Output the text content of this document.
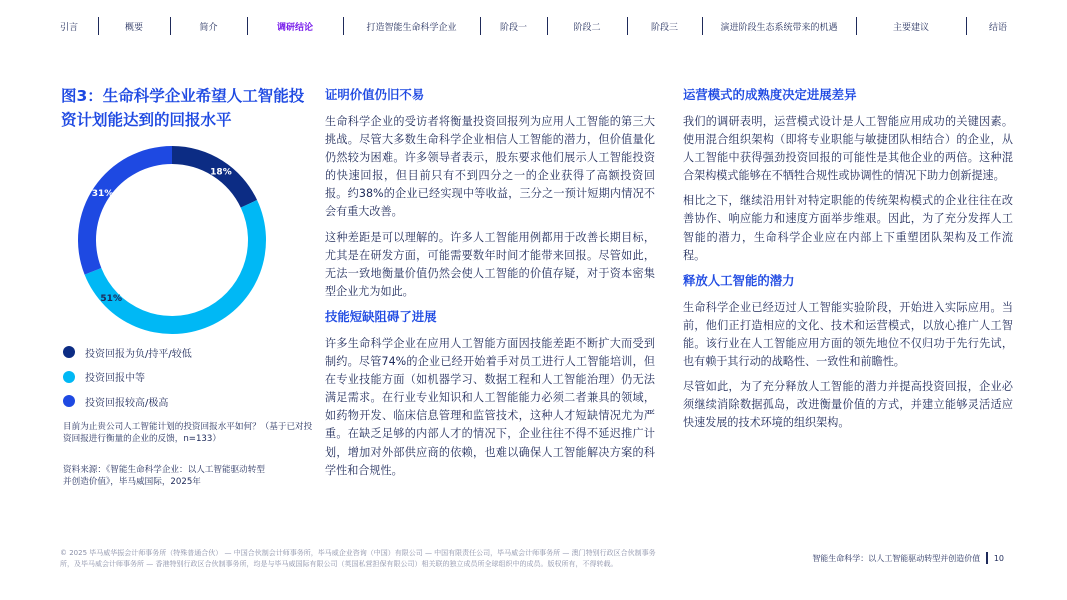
引言	概要	简介	调研结论	打造智能生命科学企业	阶段一	阶段二	阶段三	演进阶段生态系统带来的机遇	主要建议	结语
图3：生命科学企业希望人工智能投资计划能达到的回报水平
18%
51%
31%
投资回报为负/持平/较低
投资回报中等
投资回报较高/极高
目前为止贵公司人工智能计划的投资回报水平如何？（基于已对投资回报进行衡量的企业的反馈，n=133）
资料来源：《智能生命科学企业：以人工智能驱动转型并创造价值》，毕马威国际，2025年
证明价值仍旧不易

生命科学企业的受访者将衡量投资回报列为应用人工智能的第三大挑战。尽管大多数生命科学企业相信人工智能的潜力，但价值量化仍然较为困难。许多领导者表示，股东要求他们展示人工智能投资的快速回报，但目前只有不到四分之一的企业获得了高额投资回报。约38%的企业已经实现中等收益，三分之一预计短期内情况不会有重大改善。

这种差距是可以理解的。许多人工智能用例都用于改善长期目标，尤其是在研发方面，可能需要数年时间才能带来回报。尽管如此，无法一致地衡量价值仍然会使人工智能的价值存疑，对于资本密集型企业尤为如此。

技能短缺阻碍了进展

许多生命科学企业在应用人工智能方面因技能差距不断扩大而受到制约。尽管74%的企业已经开始着手对员工进行人工智能培训，但在专业技能方面（如机器学习、数据工程和人工智能治理）仍无法满足需求。在行业专业知识和人工智能能力必须二者兼具的领域，如药物开发、临床信息管理和监管技术，这种人才短缺情况尤为严重。在缺乏足够的内部人才的情况下，企业往往不得不延迟推广计划，增加对外部供应商的依赖，也难以确保人工智能解决方案的科学性和合规性。

运营模式的成熟度决定进展差异

我们的调研表明，运营模式设计是人工智能应用成功的关键因素。使用混合组织架构（即将专业职能与敏捷团队相结合）的企业，从人工智能中获得强劲投资回报的可能性是其他企业的两倍。这种混合架构模式能够在不牺牲合规性或协调性的情况下助力创新提速。

相比之下，继续沿用针对特定职能的传统架构模式的企业往往在改善协作、响应能力和速度方面举步维艰。因此，为了充分发挥人工智能的潜力，生命科学企业应在内部上下重塑团队架构及工作流程。

释放人工智能的潜力

生命科学企业已经迈过人工智能实验阶段，开始进入实际应用。当前，他们正打造相应的文化、技术和运营模式，以放心推广人工智能。该行业在人工智能应用方面的领先地位不仅归功于先行先试，也有赖于其行动的战略性、一致性和前瞻性。

尽管如此，为了充分释放人工智能的潜力并提高投资回报，企业必须继续消除数据孤岛，改进衡量价值的方式，并建立能够灵活适应快速发展的技术环境的组织架构。

© 2025 毕马威华振会计师事务所（特殊普通合伙） — 中国合伙制会计师事务所，毕马威企业咨询（中国）有限公司 — 中国有限责任公司，毕马威会计师事务所 — 澳门特别行政区合伙制事务所，及毕马威会计师事务所 — 香港特别行政区合伙制事务所，均是与毕马威国际有限公司（英国私营担保有限公司）相关联的独立成员所全球组织中的成员。版权所有，不得转载。
智能生命科学：以人工智能驱动转型并创造价值 10
